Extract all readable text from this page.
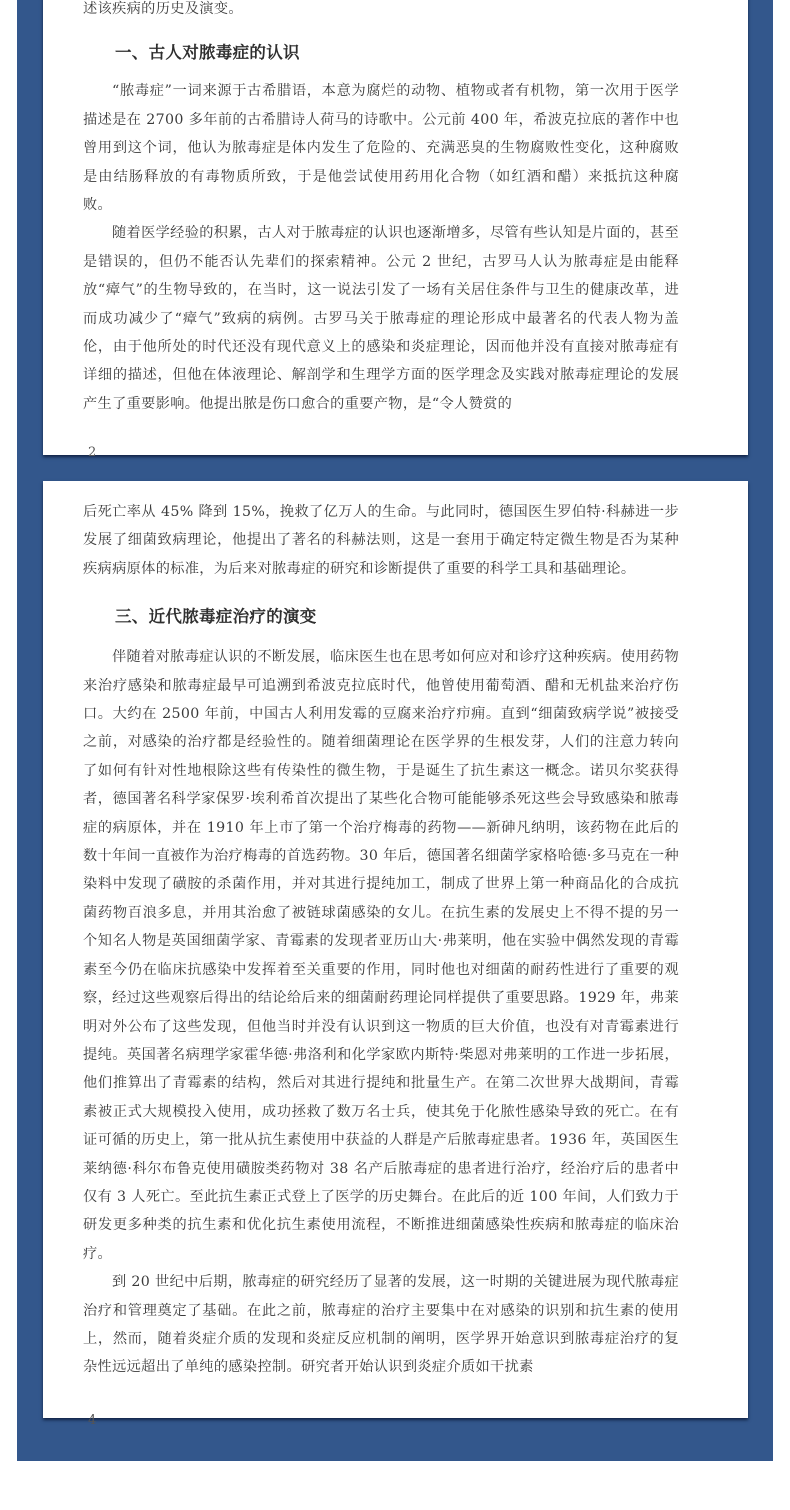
述该疾病的历史及演变。

一、古人对脓毒症的认识

“脓毒症”一词来源于古希腊语，本意为腐烂的动物、植物或者有机物，第一次用于医学描述是在 2700 多年前的古希腊诗人荷马的诗歌中。公元前 400 年，希波克拉底的著作中也曾用到这个词，他认为脓毒症是体内发生了危险的、充满恶臭的生物腐败性变化，这种腐败是由结肠释放的有毒物质所致，于是他尝试使用药用化合物（如红酒和醋）来抵抗这种腐败。

随着医学经验的积累，古人对于脓毒症的认识也逐渐增多，尽管有些认知是片面的，甚至是错误的，但仍不能否认先辈们的探索精神。公元 2 世纪，古罗马人认为脓毒症是由能释放“瘴气”的生物导致的，在当时，这一说法引发了一场有关居住条件与卫生的健康改革，进而成功减少了“瘴气”致病的病例。古罗马关于脓毒症的理论形成中最著名的代表人物为盖伦，由于他所处的时代还没有现代意义上的感染和炎症理论，因而他并没有直接对脓毒症有详细的描述，但他在体液理论、解剖学和生理学方面的医学理念及实践对脓毒症理论的发展产生了重要影响。他提出脓是伤口愈合的重要产物，是“令人赞赏的

2

后死亡率从 45% 降到 15%，挽救了亿万人的生命。与此同时，德国医生罗伯特·科赫进一步发展了细菌致病理论，他提出了著名的科赫法则，这是一套用于确定特定微生物是否为某种疾病病原体的标准，为后来对脓毒症的研究和诊断提供了重要的科学工具和基础理论。

三、近代脓毒症治疗的演变

伴随着对脓毒症认识的不断发展，临床医生也在思考如何应对和诊疗这种疾病。使用药物来治疗感染和脓毒症最早可追溯到希波克拉底时代，他曾使用葡萄酒、醋和无机盐来治疗伤口。大约在 2500 年前，中国古人利用发霉的豆腐来治疗疖痈。直到“细菌致病学说”被接受之前，对感染的治疗都是经验性的。随着细菌理论在医学界的生根发芽，人们的注意力转向了如何有针对性地根除这些有传染性的微生物，于是诞生了抗生素这一概念。诺贝尔奖获得者，德国著名科学家保罗·埃利希首次提出了某些化合物可能能够杀死这些会导致感染和脓毒症的病原体，并在 1910 年上市了第一个治疗梅毒的药物——新砷凡纳明，该药物在此后的数十年间一直被作为治疗梅毒的首选药物。30 年后，德国著名细菌学家格哈德·多马克在一种染料中发现了磺胺的杀菌作用，并对其进行提纯加工，制成了世界上第一种商品化的合成抗菌药物百浪多息，并用其治愈了被链球菌感染的女儿。在抗生素的发展史上不得不提的另一个知名人物是英国细菌学家、青霉素的发现者亚历山大·弗莱明，他在实验中偶然发现的青霉素至今仍在临床抗感染中发挥着至关重要的作用，同时他也对细菌的耐药性进行了重要的观察，经过这些观察后得出的结论给后来的细菌耐药理论同样提供了重要思路。1929 年，弗莱明对外公布了这些发现，但他当时并没有认识到这一物质的巨大价值，也没有对青霉素进行提纯。英国著名病理学家霍华德·弗洛利和化学家欧内斯特·柴恩对弗莱明的工作进一步拓展，他们推算出了青霉素的结构，然后对其进行提纯和批量生产。在第二次世界大战期间，青霉素被正式大规模投入使用，成功拯救了数万名士兵，使其免于化脓性感染导致的死亡。在有证可循的历史上，第一批从抗生素使用中获益的人群是产后脓毒症患者。1936 年，英国医生莱纳德·科尔布鲁克使用磺胺类药物对 38 名产后脓毒症的患者进行治疗，经治疗后的患者中仅有 3 人死亡。至此抗生素正式登上了医学的历史舞台。在此后的近 100 年间，人们致力于研发更多种类的抗生素和优化抗生素使用流程，不断推进细菌感染性疾病和脓毒症的临床治疗。

到 20 世纪中后期，脓毒症的研究经历了显著的发展，这一时期的关键进展为现代脓毒症治疗和管理奠定了基础。在此之前，脓毒症的治疗主要集中在对感染的识别和抗生素的使用上，然而，随着炎症介质的发现和炎症反应机制的阐明，医学界开始意识到脓毒症治疗的复杂性远远超出了单纯的感染控制。研究者开始认识到炎症介质如干扰素

4
